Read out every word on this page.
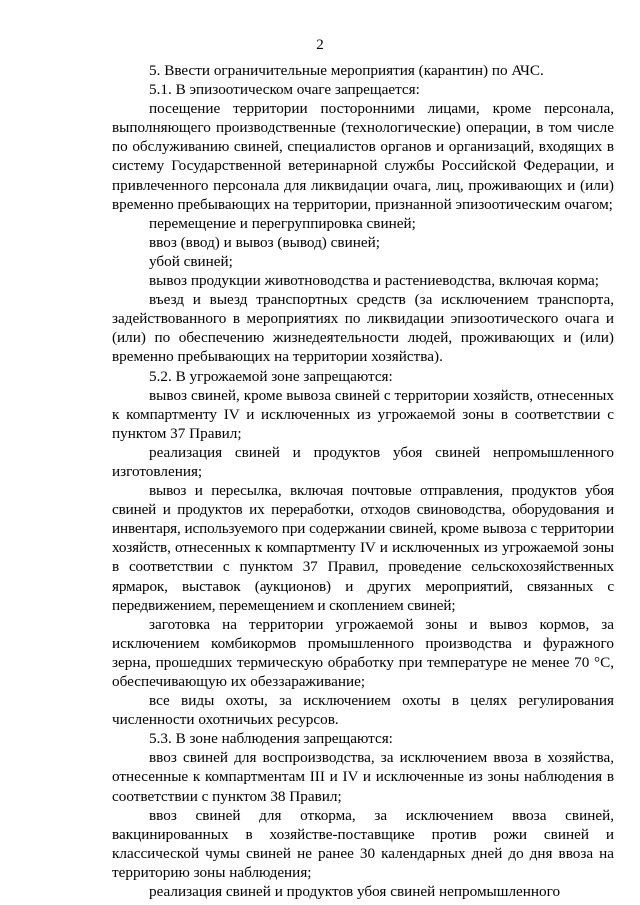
2

5. Ввести ограничительные мероприятия (карантин) по АЧС.

5.1. В эпизоотическом очаге запрещается:

посещение территории посторонними лицами, кроме персонала, выполняющего производственные (технологические) операции, в том числе по обслуживанию свиней, специалистов органов и организаций, входящих в систему Государственной ветеринарной службы Российской Федерации, и привлеченного персонала для ликвидации очага, лиц, проживающих и (или) временно пребывающих на территории, признанной эпизоотическим очагом;

перемещение и перегруппировка свиней;

ввоз (ввод) и вывоз (вывод) свиней;

убой свиней;

вывоз продукции животноводства и растениеводства, включая корма;

въезд и выезд транспортных средств (за исключением транспорта, задействованного в мероприятиях по ликвидации эпизоотического очага и (или) по обеспечению жизнедеятельности людей, проживающих и (или) временно пребывающих на территории хозяйства).

5.2. В угрожаемой зоне запрещаются:

вывоз свиней, кроме вывоза свиней с территории хозяйств, отнесенных к компартменту IV и исключенных из угрожаемой зоны в соответствии с пунктом 37 Правил;

реализация свиней и продуктов убоя свиней непромышленного изготовления;

вывоз и пересылка, включая почтовые отправления, продуктов убоя свиней и продуктов их переработки, отходов свиноводства, оборудования и инвентаря, используемого при содержании свиней, кроме вывоза с территории хозяйств, отнесенных к компартменту IV и исключенных из угрожаемой зоны в соответствии с пунктом 37 Правил, проведение сельскохозяйственных ярмарок, выставок (аукционов) и других мероприятий, связанных с передвижением, перемещением и скоплением свиней;

заготовка на территории угрожаемой зоны и вывоз кормов, за исключением комбикормов промышленного производства и фуражного зерна, прошедших термическую обработку при температуре не менее 70 °С, обеспечивающую их обеззараживание;

все виды охоты, за исключением охоты в целях регулирования численности охотничьих ресурсов.

5.3. В зоне наблюдения запрещаются:

ввоз свиней для воспроизводства, за исключением ввоза в хозяйства, отнесенные к компартментам III и IV и исключенные из зоны наблюдения в соответствии с пунктом 38 Правил;

ввоз свиней для откорма, за исключением ввоза свиней, вакцинированных в хозяйстве-поставщике против рожи свиней и классической чумы свиней не ранее 30 календарных дней до дня ввоза на территорию зоны наблюдения;

реализация свиней и продуктов убоя свиней непромышленного
